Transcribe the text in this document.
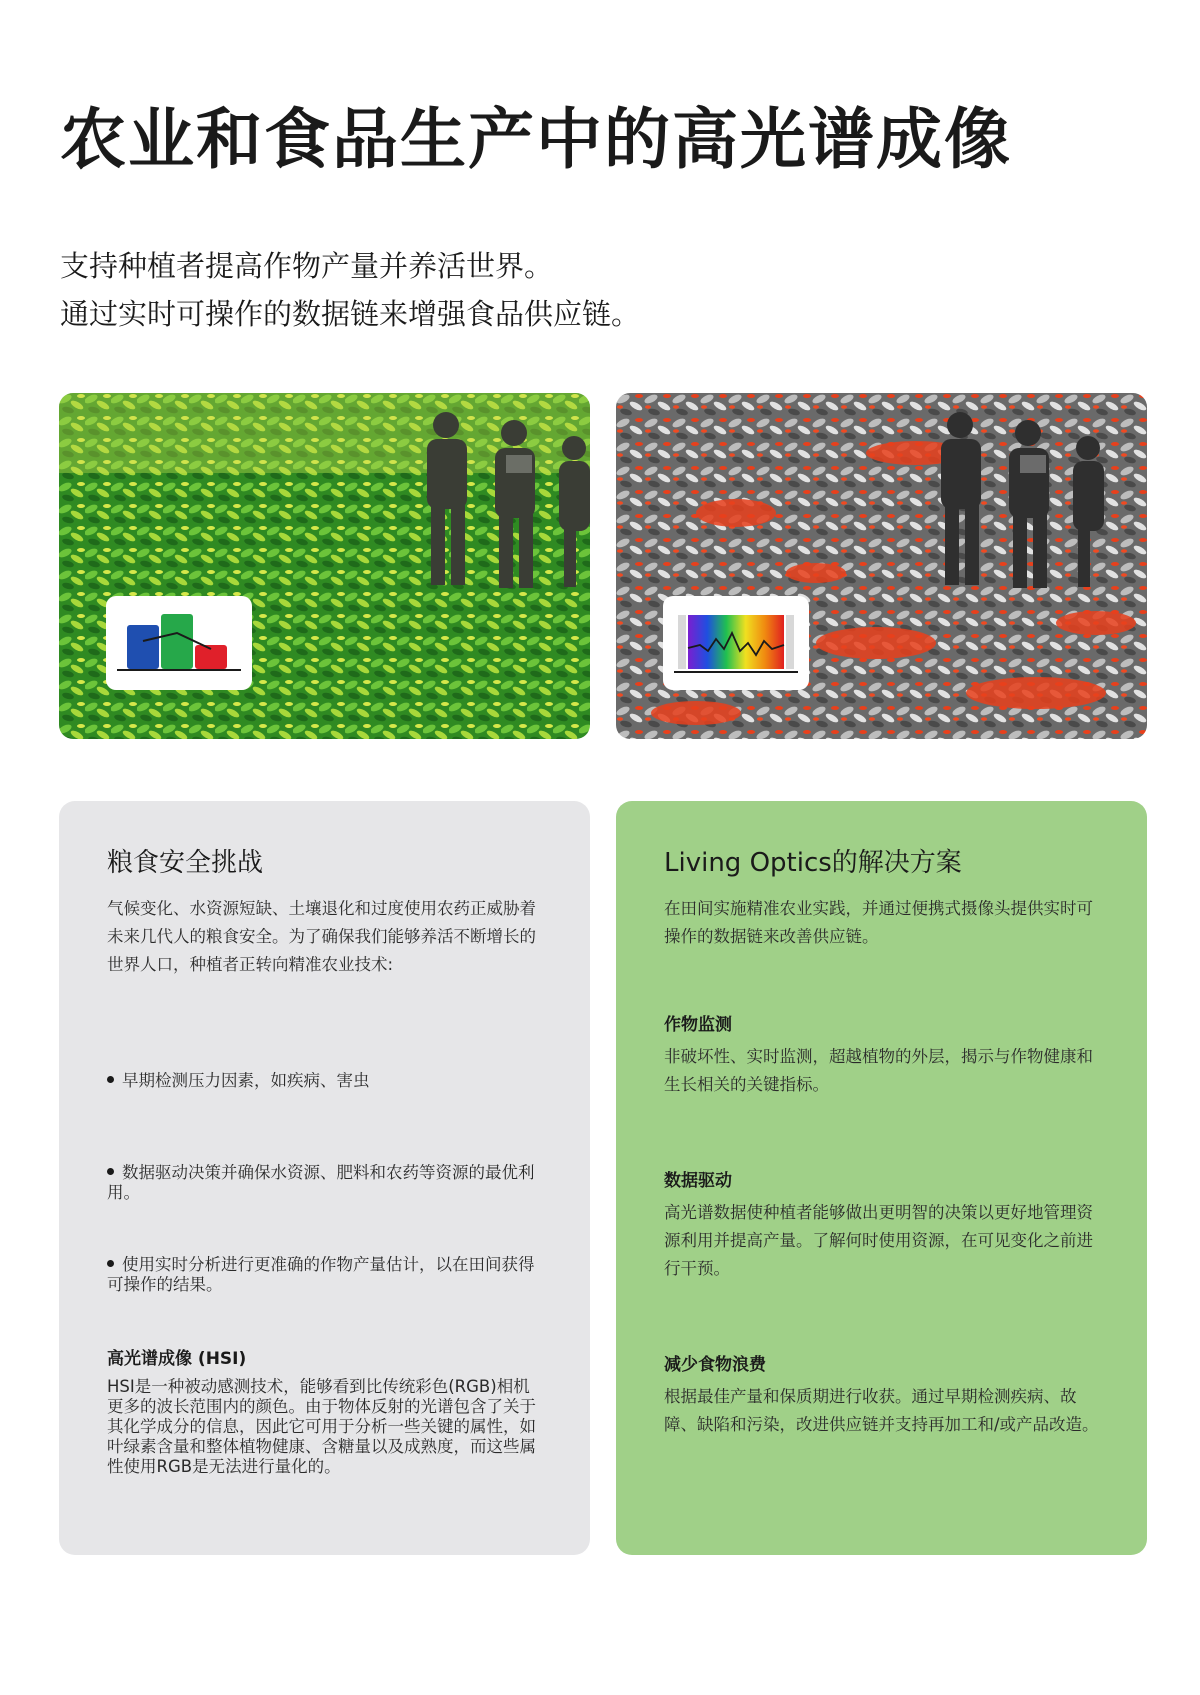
农业和食品生产中的高光谱成像
支持种植者提高作物产量并养活世界。
通过实时可操作的数据链来增强食品供应链。
粮食安全挑战

气候变化、水资源短缺、土壤退化和过度使用农药正威胁着未来几代人的粮食安全。为了确保我们能够养活不断增长的世界人口，种植者正转向精准农业技术:

早期检测压力因素，如疾病、害虫
数据驱动决策并确保水资源、肥料和农药等资源的最优利用。
使用实时分析进行更准确的作物产量估计，以在田间获得可操作的结果。
高光谱成像 (HSI)

HSI是一种被动感测技术，能够看到比传统彩色(RGB)相机更多的波长范围内的颜色。由于物体反射的光谱包含了关于其化学成分的信息，因此它可用于分析一些关键的属性，如叶绿素含量和整体植物健康、含糖量以及成熟度，而这些属性使用RGB是无法进行量化的。

Living Optics的解决方案

在田间实施精准农业实践，并通过便携式摄像头提供实时可操作的数据链来改善供应链。

作物监测

非破坏性、实时监测，超越植物的外层，揭示与作物健康和生长相关的关键指标。

数据驱动

高光谱数据使种植者能够做出更明智的决策以更好地管理资源利用并提高产量。了解何时使用资源，在可见变化之前进行干预。

减少食物浪费

根据最佳产量和保质期进行收获。通过早期检测疾病、故障、缺陷和污染，改进供应链并支持再加工和/或产品改造。
